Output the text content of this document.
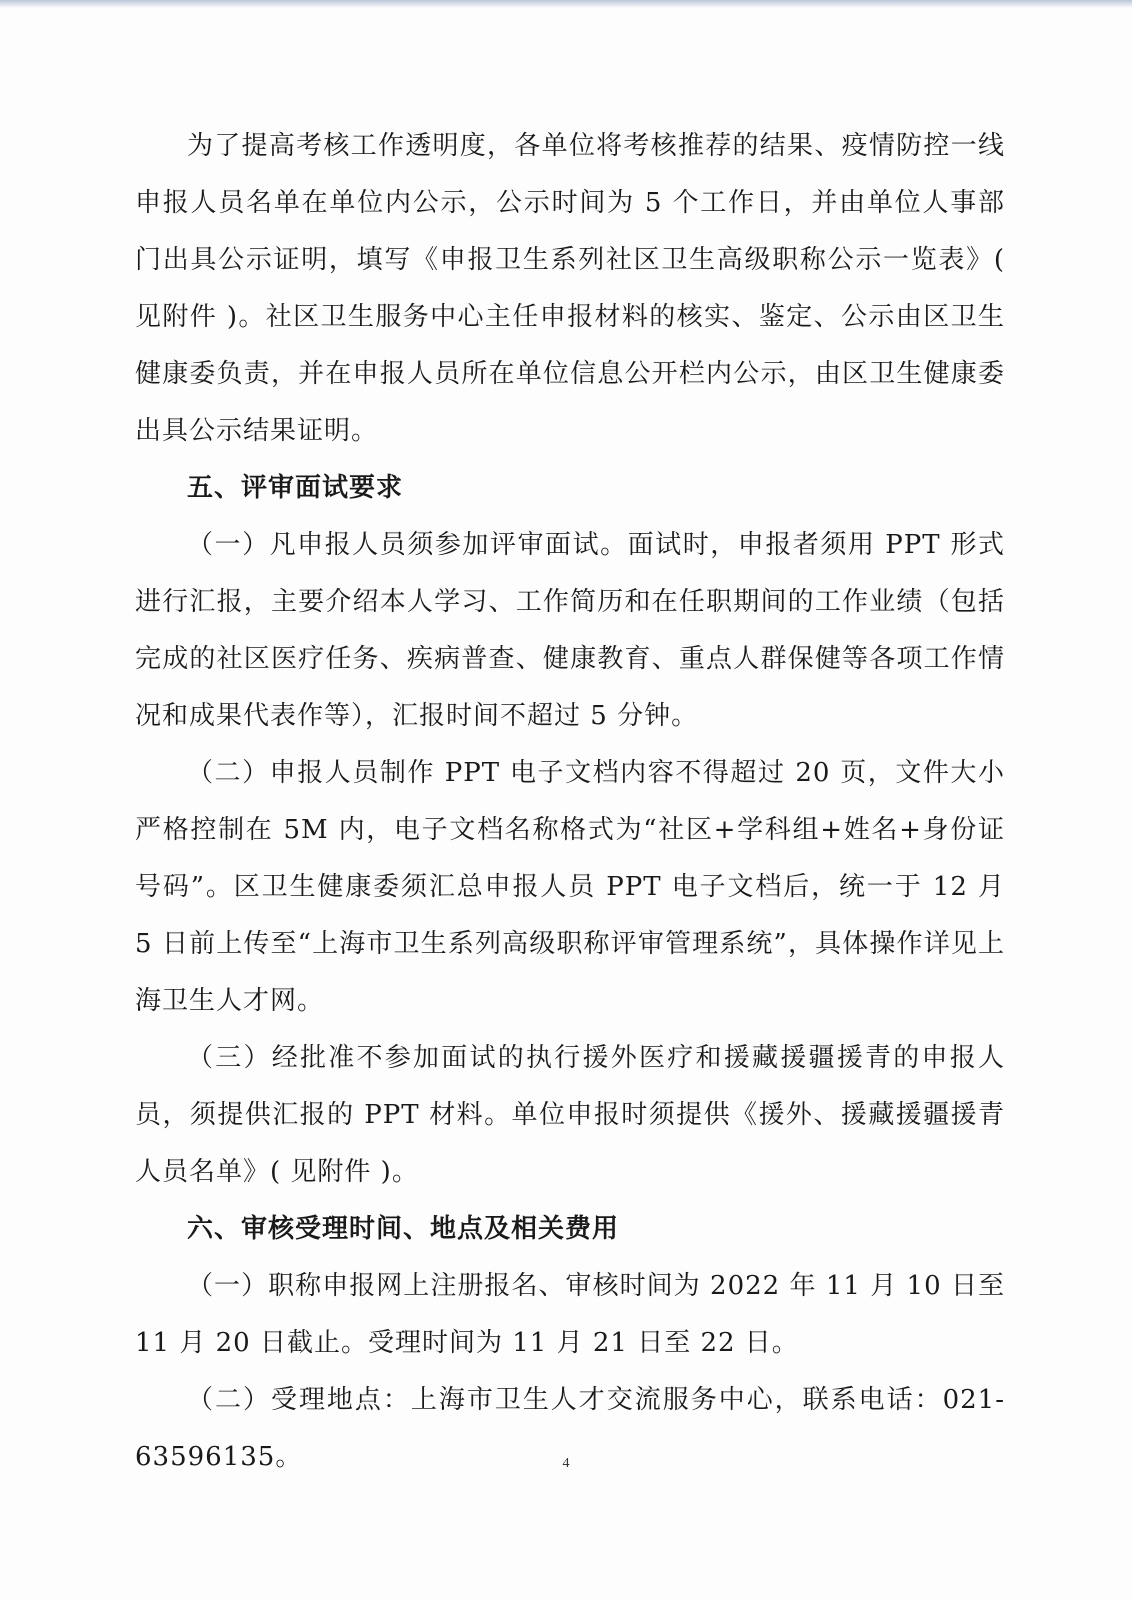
为了提高考核工作透明度，各单位将考核推荐的结果、疫情防控一线申报人员名单在单位内公示，公示时间为 5 个工作日，并由单位人事部门出具公示证明，填写《申报卫生系列社区卫生高级职称公示一览表》( 见附件 )。社区卫生服务中心主任申报材料的核实、鉴定、公示由区卫生健康委负责，并在申报人员所在单位信息公开栏内公示，由区卫生健康委出具公示结果证明。

五、评审面试要求

（一）凡申报人员须参加评审面试。面试时，申报者须用 PPT 形式进行汇报，主要介绍本人学习、工作简历和在任职期间的工作业绩（包括完成的社区医疗任务、疾病普查、健康教育、重点人群保健等各项工作情况和成果代表作等），汇报时间不超过 5 分钟。

（二）申报人员制作 PPT 电子文档内容不得超过 20 页，文件大小严格控制在 5M 内，电子文档名称格式为“社区+学科组+姓名+身份证号码”。区卫生健康委须汇总申报人员 PPT 电子文档后，统一于 12 月 5 日前上传至“上海市卫生系列高级职称评审管理系统”，具体操作详见上海卫生人才网。

（三）经批准不参加面试的执行援外医疗和援藏援疆援青的申报人员，须提供汇报的 PPT 材料。单位申报时须提供《援外、援藏援疆援青人员名单》( 见附件 )。

六、审核受理时间、地点及相关费用

（一）职称申报网上注册报名、审核时间为 2022 年 11 月 10 日至 11 月 20 日截止。受理时间为 11 月 21 日至 22 日。

（二）受理地点：上海市卫生人才交流服务中心，联系电话：021-63596135。	4
